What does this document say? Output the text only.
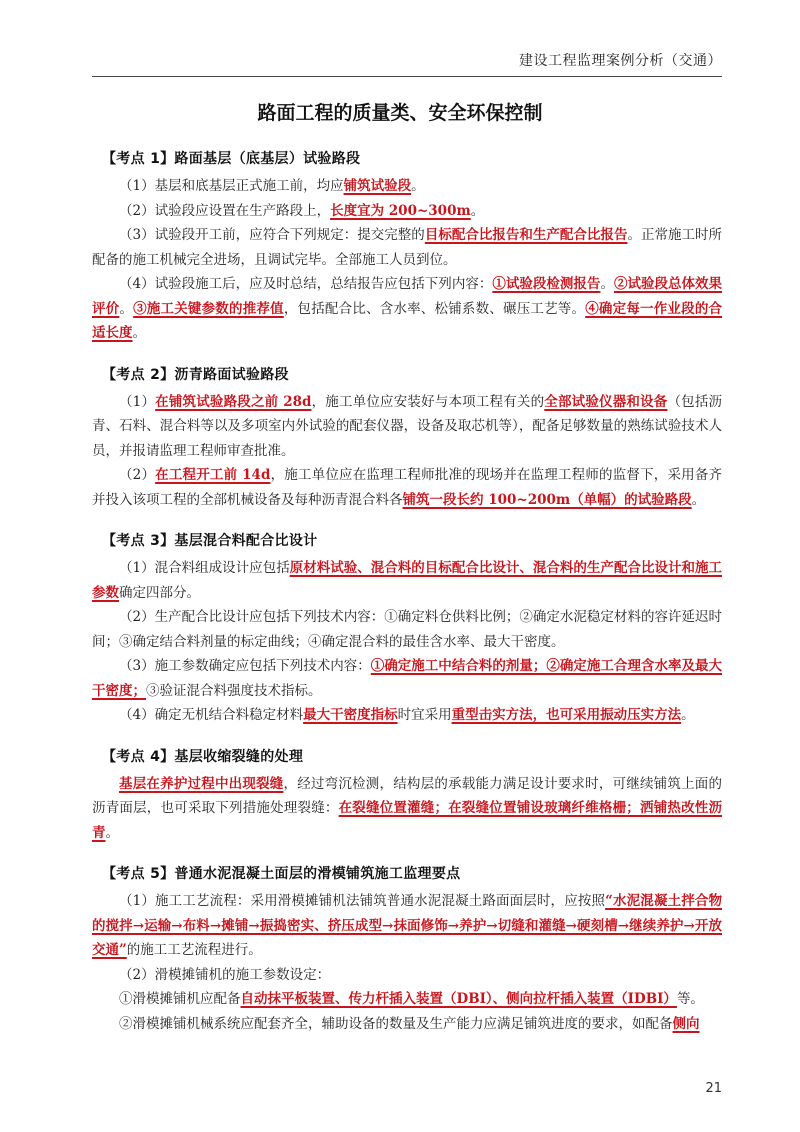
建设工程监理案例分析（交通）
路面工程的质量类、安全环保控制
【考点 1】路面基层（底基层）试验路段

（1）基层和底基层正式施工前，均应铺筑试验段。

（2）试验段应设置在生产路段上，长度宜为 200~300m。

（3）试验段开工前，应符合下列规定：提交完整的目标配合比报告和生产配合比报告。正常施工时所配备的施工机械完全进场，且调试完毕。全部施工人员到位。

（4）试验段施工后，应及时总结，总结报告应包括下列内容：①试验段检测报告。②试验段总体效果评价。③施工关键参数的推荐值，包括配合比、含水率、松铺系数、碾压工艺等。④确定每一作业段的合适长度。

【考点 2】沥青路面试验路段

（1）在铺筑试验路段之前 28d，施工单位应安装好与本项工程有关的全部试验仪器和设备（包括沥青、石料、混合料等以及多项室内外试验的配套仪器，设备及取芯机等），配备足够数量的熟练试验技术人员，并报请监理工程师审查批准。

（2）在工程开工前 14d，施工单位应在监理工程师批准的现场并在监理工程师的监督下，采用备齐并投入该项工程的全部机械设备及每种沥青混合料各铺筑一段长约 100~200m（单幅）的试验路段。

【考点 3】基层混合料配合比设计

（1）混合料组成设计应包括原材料试验、混合料的目标配合比设计、混合料的生产配合比设计和施工参数确定四部分。

（2）生产配合比设计应包括下列技术内容：①确定料仓供料比例；②确定水泥稳定材料的容许延迟时间；③确定结合料剂量的标定曲线；④确定混合料的最佳含水率、最大干密度。

（3）施工参数确定应包括下列技术内容：①确定施工中结合料的剂量；②确定施工合理含水率及最大干密度；③验证混合料强度技术指标。

（4）确定无机结合料稳定材料最大干密度指标时宜采用重型击实方法，也可采用振动压实方法。

【考点 4】基层收缩裂缝的处理

基层在养护过程中出现裂缝，经过弯沉检测，结构层的承载能力满足设计要求时，可继续铺筑上面的沥青面层，也可采取下列措施处理裂缝：在裂缝位置灌缝；在裂缝位置铺设玻璃纤维格栅；洒铺热改性沥青。

【考点 5】普通水泥混凝土面层的滑模铺筑施工监理要点

（1）施工工艺流程：采用滑模摊铺机法铺筑普通水泥混凝土路面面层时，应按照“水泥混凝土拌合物的搅拌→运输→布料→摊铺→振捣密实、挤压成型→抹面修饰→养护→切缝和灌缝→硬刻槽→继续养护→开放交通”的施工工艺流程进行。

（2）滑模摊铺机的施工参数设定：

①滑模摊铺机应配备自动抹平板装置、传力杆插入装置（DBI）、侧向拉杆插入装置（IDBI）等。

②滑模摊铺机械系统应配套齐全，辅助设备的数量及生产能力应满足铺筑进度的要求，如配备侧向

21
